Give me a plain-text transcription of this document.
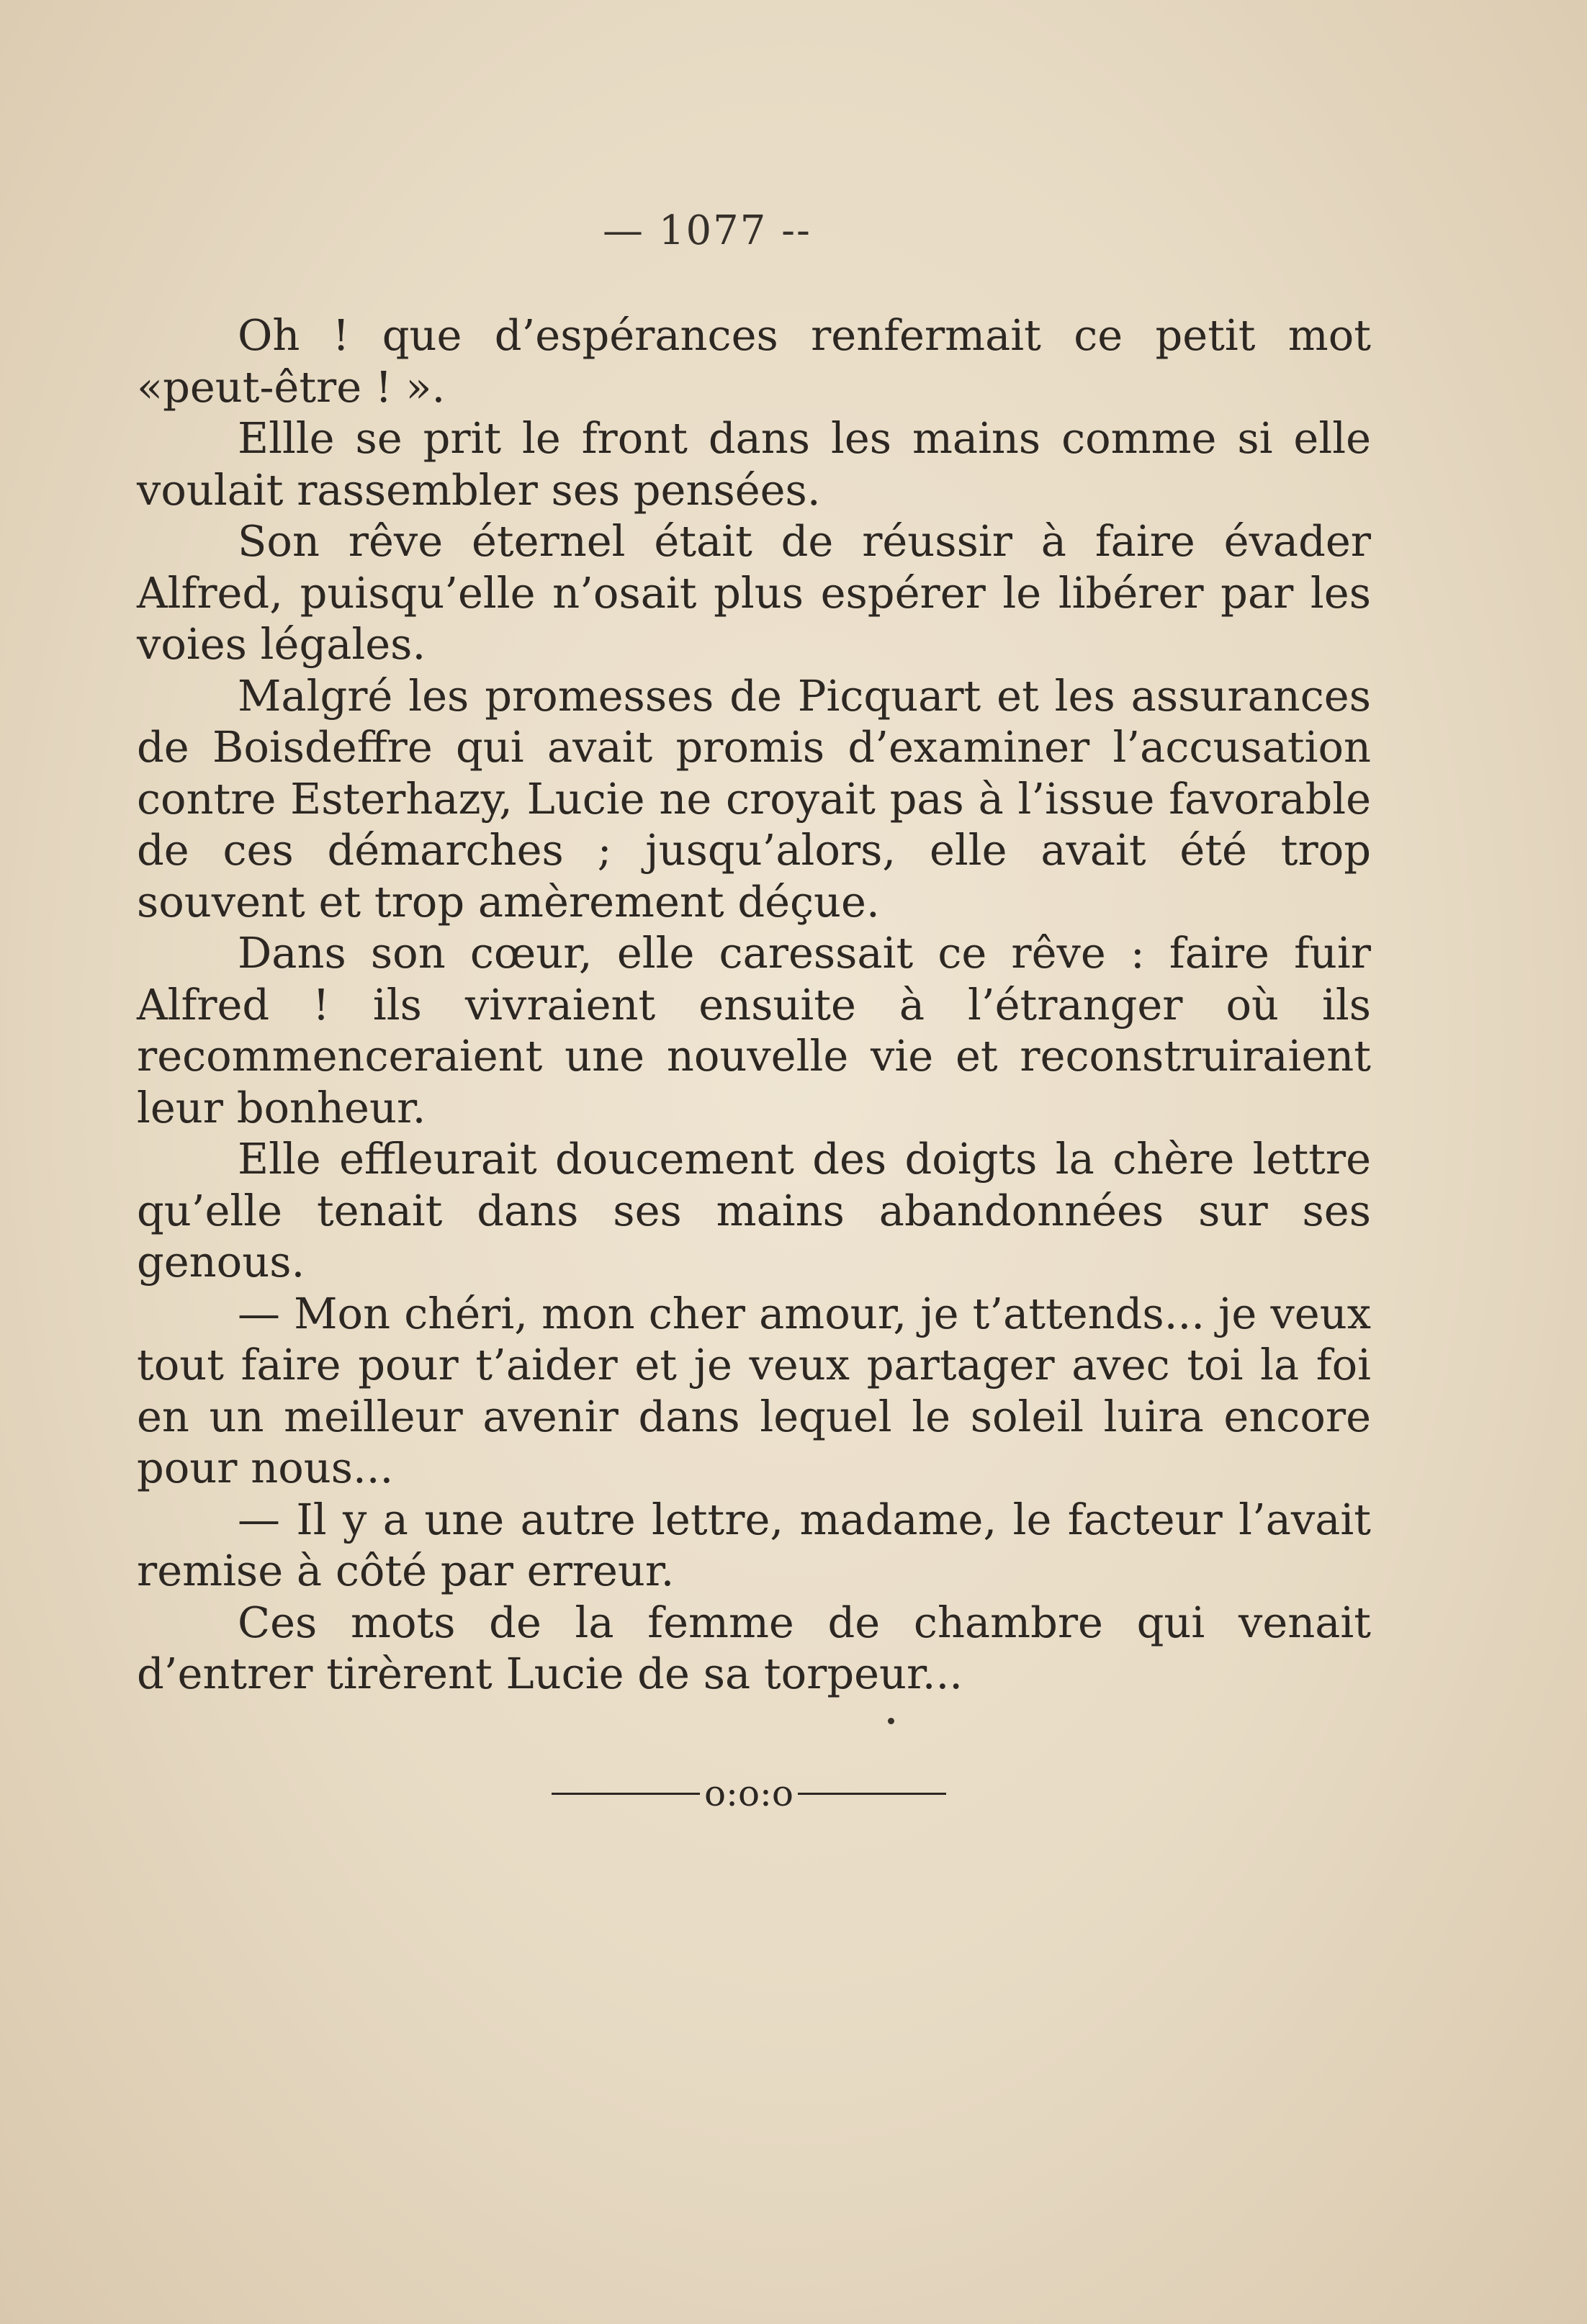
— 1077 --

Oh ! que d’espérances renfermait ce petit mot «peut-être ! ».

Ellle se prit le front dans les mains comme si elle voulait rassembler ses pensées.

Son rêve éternel était de réussir à faire évader Alfred, puisqu’elle n’osait plus espérer le libérer par les voies légales.

Malgré les promesses de Picquart et les assurances de Boisdeffre qui avait promis d’examiner l’accusation contre Esterhazy, Lucie ne croyait pas à l’issue favorable de ces démarches ; jusqu’alors, elle avait été trop souvent et trop amèrement déçue.

Dans son cœur, elle caressait ce rêve : faire fuir Alfred ! ils vivraient ensuite à l’étranger où ils recommenceraient une nouvelle vie et reconstruiraient leur bonheur.

Elle effleurait doucement des doigts la chère lettre qu’elle tenait dans ses mains abandonnées sur ses genous.

— Mon chéri, mon cher amour, je t’attends... je veux tout faire pour t’aider et je veux partager avec toi la foi en un meilleur avenir dans lequel le soleil luira encore pour nous...

— Il y a une autre lettre, madame, le facteur l’avait remise à côté par erreur.

Ces mots de la femme de chambre qui venait d’entrer tirèrent Lucie de sa torpeur...

o:o:o
